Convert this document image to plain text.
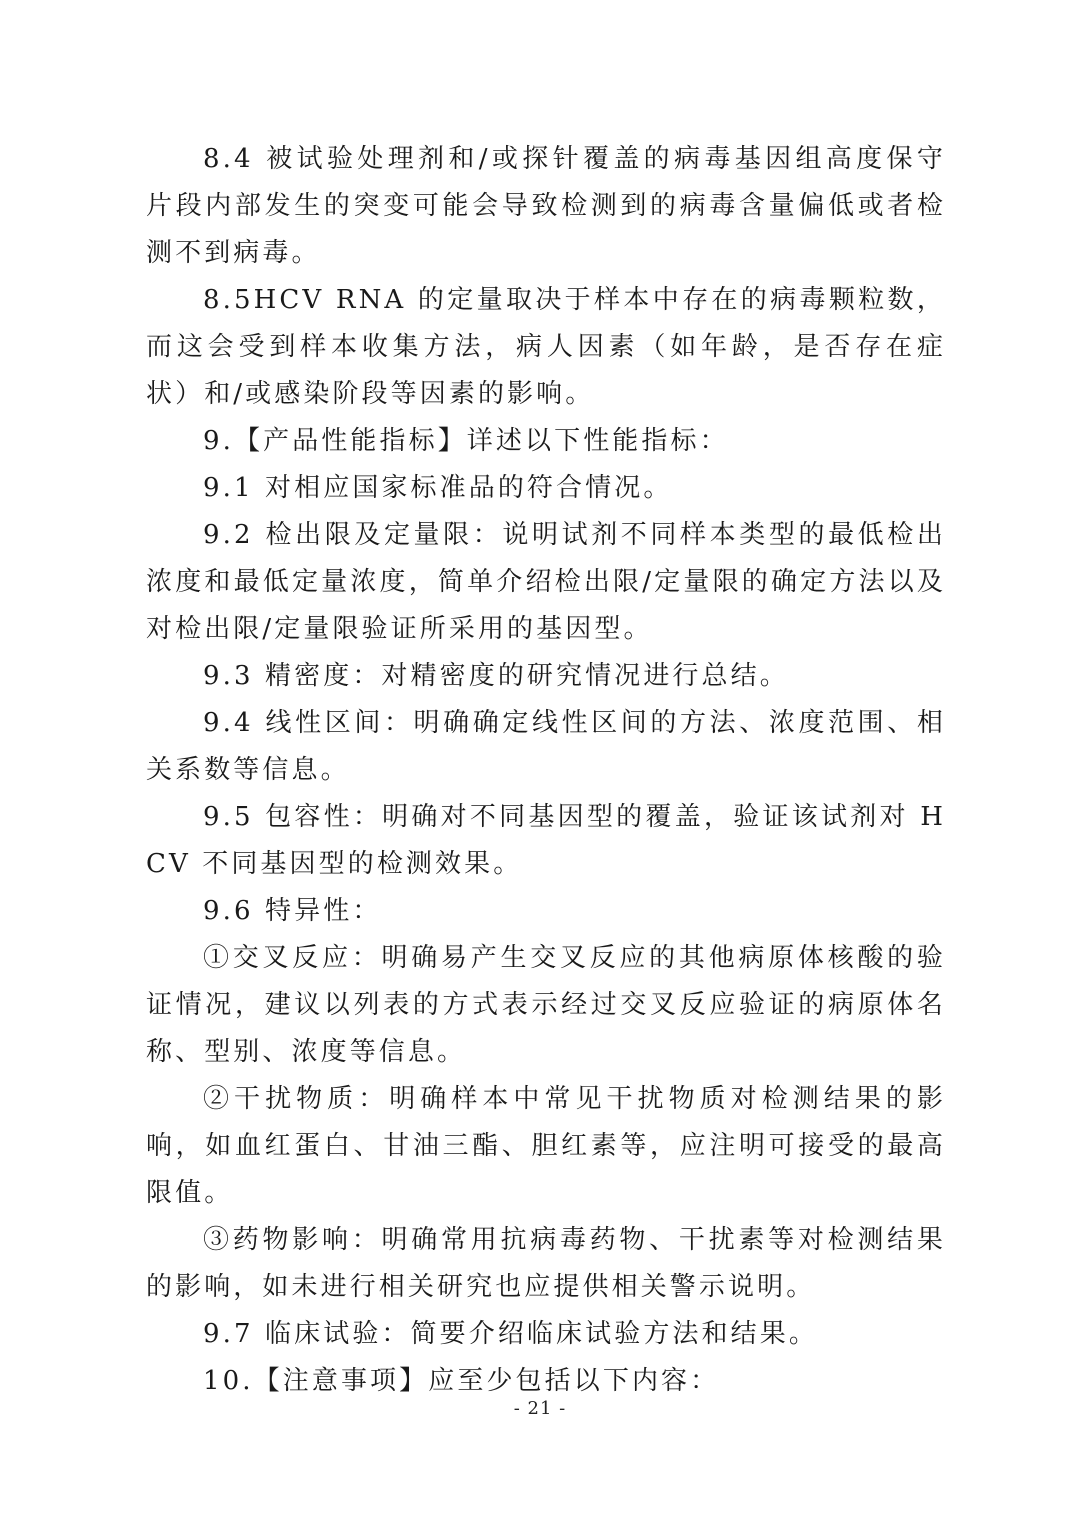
8.4 被试验处理剂和/或探针覆盖的病毒基因组高度保守片段内部发生的突变可能会导致检测到的病毒含量偏低或者检测不到病毒。

8.5HCV RNA 的定量取决于样本中存在的病毒颗粒数，而这会受到样本收集方法，病人因素（如年龄，是否存在症状）和/或感染阶段等因素的影响。

9.【产品性能指标】详述以下性能指标：

9.1 对相应国家标准品的符合情况。

9.2 检出限及定量限：说明试剂不同样本类型的最低检出浓度和最低定量浓度，简单介绍检出限/定量限的确定方法以及对检出限/定量限验证所采用的基因型。

9.3 精密度：对精密度的研究情况进行总结。

9.4 线性区间：明确确定线性区间的方法、浓度范围、相关系数等信息。

9.5 包容性：明确对不同基因型的覆盖，验证该试剂对 HCV 不同基因型的检测效果。

9.6 特异性：

①交叉反应：明确易产生交叉反应的其他病原体核酸的验证情况，建议以列表的方式表示经过交叉反应验证的病原体名称、型别、浓度等信息。

②干扰物质：明确样本中常见干扰物质对检测结果的影响，如血红蛋白、甘油三酯、胆红素等，应注明可接受的最高限值。

③药物影响：明确常用抗病毒药物、干扰素等对检测结果的影响，如未进行相关研究也应提供相关警示说明。

9.7 临床试验：简要介绍临床试验方法和结果。

10.【注意事项】应至少包括以下内容：

- 21 -
